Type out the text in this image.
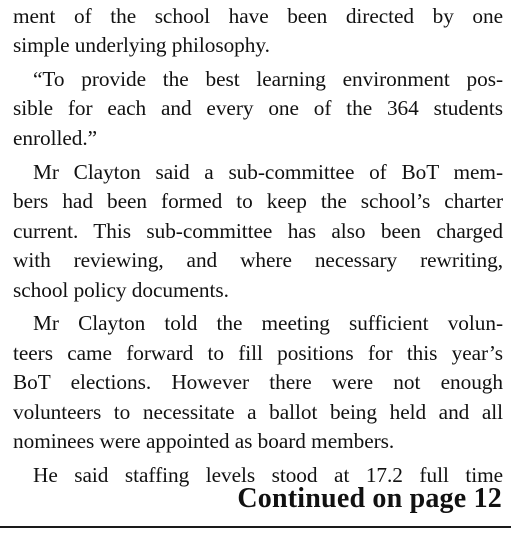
ment of the school have been directed by one
simple underlying philosophy.
“To provide the best learning environment pos-
sible for each and every one of the 364 students
enrolled.”
Mr Clayton said a sub-committee of BoT mem-
bers had been formed to keep the school’s charter
current. This sub-committee has also been charged
with reviewing, and where necessary rewriting,
school policy documents.
Mr Clayton told the meeting sufficient volun-
teers came forward to fill positions for this year’s
BoT elections. However there were not enough
volunteers to necessitate a ballot being held and all
nominees were appointed as board members.
He said staffing levels stood at 17.2 full time
Continued on page 12
